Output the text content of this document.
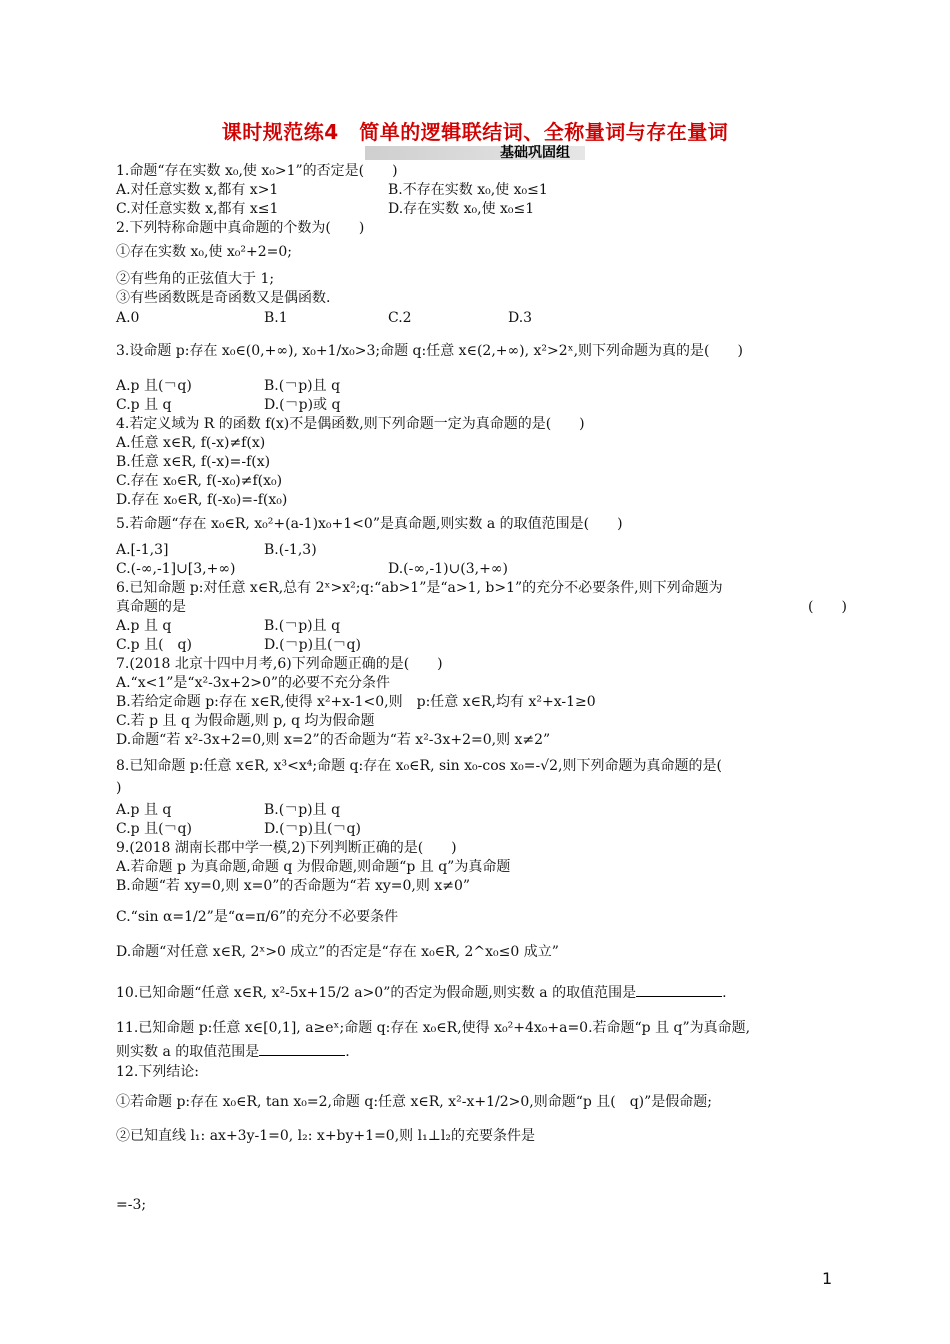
课时规范练4　简单的逻辑联结词、全称量词与存在量词
基础巩固组
1.命题“存在实数 x₀,使 x₀>1”的否定是(　　)
A.对任意实数 x,都有 x>1	B.不存在实数 x₀,使 x₀≤1
C.对任意实数 x,都有 x≤1	D.存在实数 x₀,使 x₀≤1
2.下列特称命题中真命题的个数为(　　)
①存在实数 x₀,使 x₀²+2=0;
②有些角的正弦值大于 1;
③有些函数既是奇函数又是偶函数.
A.0	B.1	C.2	D.3
3.设命题 p:存在 x₀∈(0,+∞), x₀+1/x₀>3;命题 q:任意 x∈(2,+∞), x²>2ˣ,则下列命题为真的是(　　)
A.p 且(￢q)	B.(￢p)且 q
C.p 且 q	D.(￢p)或 q
4.若定义域为 R 的函数 f(x)不是偶函数,则下列命题一定为真命题的是(　　)
A.任意 x∈R, f(-x)≠f(x)
B.任意 x∈R, f(-x)=-f(x)
C.存在 x₀∈R, f(-x₀)≠f(x₀)
D.存在 x₀∈R, f(-x₀)=-f(x₀)
5.若命题“存在 x₀∈R, x₀²+(a-1)x₀+1<0”是真命题,则实数 a 的取值范围是(　　)
A.[-1,3]	B.(-1,3)
C.(-∞,-1]∪[3,+∞)	D.(-∞,-1)∪(3,+∞)
6.已知命题 p:对任意 x∈R,总有 2ˣ>x²;q:“ab>1”是“a>1, b>1”的充分不必要条件,则下列命题为
真命题的是	(　　)
A.p 且 q	B.(￢p)且 q
C.p 且(　q)	D.(￢p)且(￢q)
7.(2018 北京十四中月考,6)下列命题正确的是(　　)
A.“x<1”是“x²-3x+2>0”的必要不充分条件
B.若给定命题 p:存在 x∈R,使得 x²+x-1<0,则　p:任意 x∈R,均有 x²+x-1≥0
C.若 p 且 q 为假命题,则 p, q 均为假命题
D.命题“若 x²-3x+2=0,则 x=2”的否命题为“若 x²-3x+2=0,则 x≠2”
8.已知命题 p:任意 x∈R, x³<x⁴;命题 q:存在 x₀∈R, sin x₀-cos x₀=-√2,则下列命题为真命题的是(
)
A.p 且 q	B.(￢p)且 q
C.p 且(￢q)	D.(￢p)且(￢q)
9.(2018 湖南长郡中学一模,2)下列判断正确的是(　　)
A.若命题 p 为真命题,命题 q 为假命题,则命题“p 且 q”为真命题
B.命题“若 xy=0,则 x=0”的否命题为“若 xy=0,则 x≠0”
C.“sin α=1/2”是“α=π/6”的充分不必要条件
D.命题“对任意 x∈R, 2ˣ>0 成立”的否定是“存在 x₀∈R, 2^x₀≤0 成立”
10.已知命题“任意 x∈R, x²-5x+15/2 a>0”的否定为假命题,则实数 a 的取值范围是	.
11.已知命题 p:任意 x∈[0,1], a≥eˣ;命题 q:存在 x₀∈R,使得 x₀²+4x₀+a=0.若命题“p 且 q”为真命题,
则实数 a 的取值范围是	.
12.下列结论:
①若命题 p:存在 x₀∈R, tan x₀=2,命题 q:任意 x∈R, x²-x+1/2>0,则命题“p 且(　q)”是假命题;
②已知直线 l₁: ax+3y-1=0, l₂: x+by+1=0,则 l₁⊥l₂的充要条件是
=-3;
1
